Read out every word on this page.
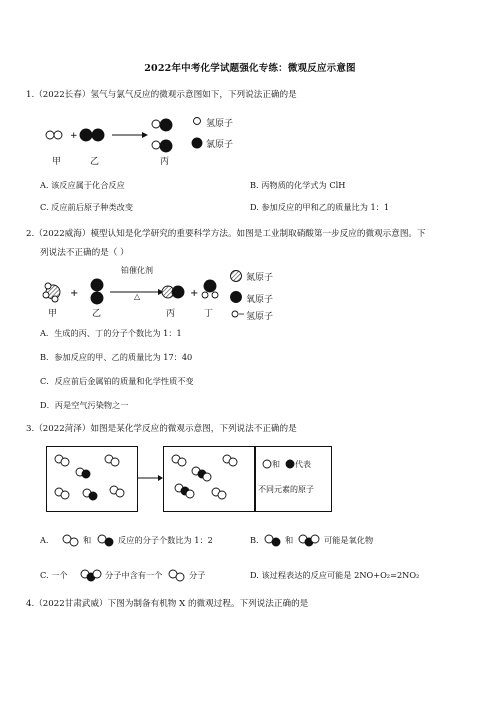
2022年中考化学试题强化专练：微观反应示意图
1.（2022长春）氢气与氯气反应的微观示意图如下，下列说法正确的是
+
氢原子
氯原子
甲	乙	丙
A. 该反应属于化合反应	B. 丙物质的化学式为 ClH
C. 反应前后原子种类改变	D. 参加反应的甲和乙的质量比为 1：1
2.（2022威海）模型认知是化学研究的重要科学方法。如图是工业制取硝酸第一步反应的微观示意图。下
列说法不正确的是（ ）
+	+
铂催化剂
△
氮原子
氧原子
氢原子
甲	乙	丙	丁
A．生成的丙、丁的分子个数比为 1：1
B．参加反应的甲、乙的质量比为 17：40
C．反应前后金属铂的质量和化学性质不变
D．丙是空气污染物之一
3.（2022菏泽）如图是某化学反应的微观示意图，下列说法不正确的是
和 代表
不同元素的原子
A.	和	反应的分子个数比为 1：2	B.	和	可能是氧化物
C. 一个	分子中含有一个	分子	D. 该过程表达的反应可能是 2NO+O₂=2NO₂
4.（2022甘肃武威）下图为制备有机物 X 的微观过程。下列说法正确的是
